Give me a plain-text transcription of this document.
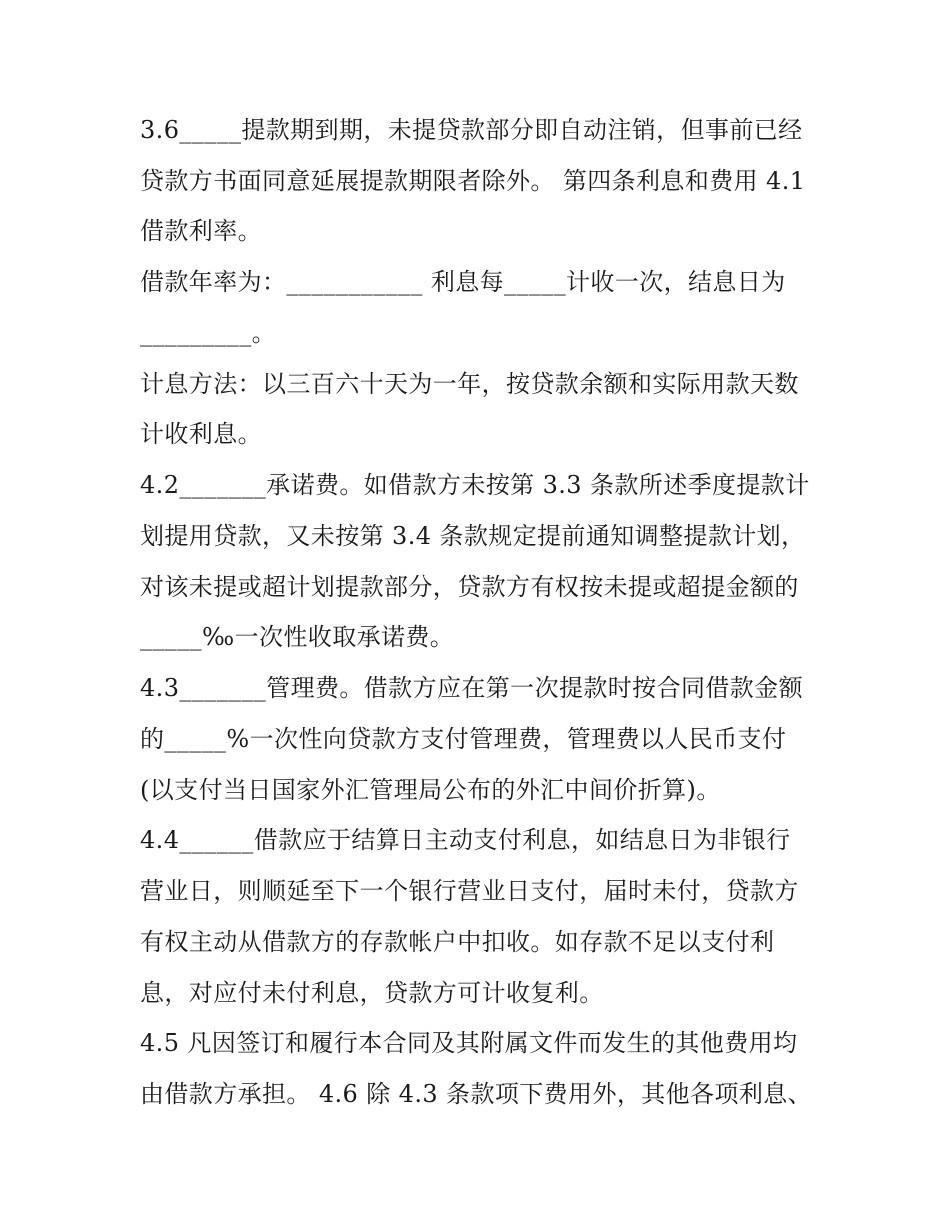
3.6_____提款期到期，未提贷款部分即自动注销，但事前已经
贷款方书面同意延展提款期限者除外。 第四条利息和费用 4.1
借款利率。
借款年率为：___________ 利息每_____计收一次，结息日为
_________。
计息方法：以三百六十天为一年，按贷款余额和实际用款天数
计收利息。
4.2_______承诺费。如借款方未按第 3.3 条款所述季度提款计
划提用贷款，又未按第 3.4 条款规定提前通知调整提款计划，
对该未提或超计划提款部分，贷款方有权按未提或超提金额的
_____‰一次性收取承诺费。
4.3_______管理费。借款方应在第一次提款时按合同借款金额
的_____%一次性向贷款方支付管理费，管理费以人民币支付
(以支付当日国家外汇管理局公布的外汇中间价折算)。
4.4______借款应于结算日主动支付利息，如结息日为非银行
营业日，则顺延至下一个银行营业日支付，届时未付，贷款方
有权主动从借款方的存款帐户中扣收。如存款不足以支付利
息，对应付未付利息，贷款方可计收复利。
4.5 凡因签订和履行本合同及其附属文件而发生的其他费用均
由借款方承担。 4.6 除 4.3 条款项下费用外，其他各项利息、
